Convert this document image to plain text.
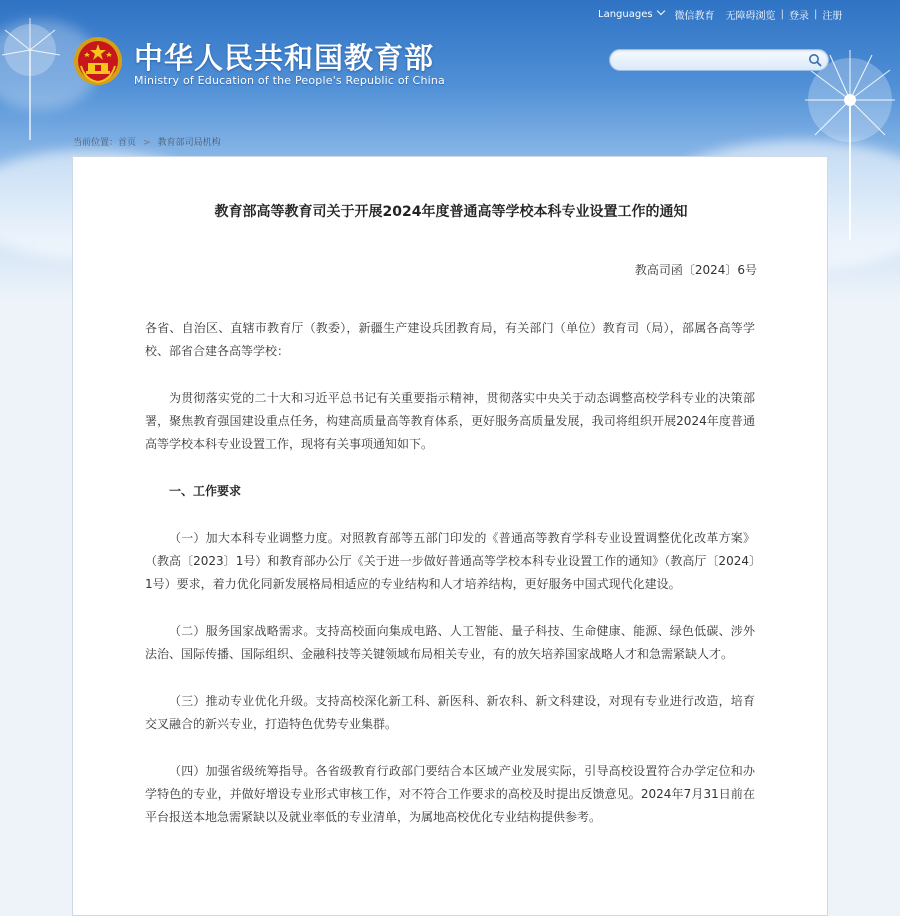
Languages	微信教育 无障碍浏览 | 登录 | 注册
中华人民共和国教育部
Ministry of Education of the People's Republic of China
当前位置：首页 > 教育部司局机构
教育部高等教育司关于开展2024年度普通高等学校本科专业设置工作的通知
教高司函〔2024〕6号

各省、自治区、直辖市教育厅（教委），新疆生产建设兵团教育局，有关部门（单位）教育司（局），部属各高等学校、部省合建各高等学校：

为贯彻落实党的二十大和习近平总书记有关重要指示精神，贯彻落实中央关于动态调整高校学科专业的决策部署，聚焦教育强国建设重点任务，构建高质量高等教育体系，更好服务高质量发展，我司将组织开展2024年度普通高等学校本科专业设置工作，现将有关事项通知如下。

一、工作要求

（一）加大本科专业调整力度。对照教育部等五部门印发的《普通高等教育学科专业设置调整优化改革方案》（教高〔2023〕1号）和教育部办公厅《关于进一步做好普通高等学校本科专业设置工作的通知》（教高厅〔2024〕1号）要求，着力优化同新发展格局相适应的专业结构和人才培养结构，更好服务中国式现代化建设。

（二）服务国家战略需求。支持高校面向集成电路、人工智能、量子科技、生命健康、能源、绿色低碳、涉外法治、国际传播、国际组织、金融科技等关键领域布局相关专业，有的放矢培养国家战略人才和急需紧缺人才。

（三）推动专业优化升级。支持高校深化新工科、新医科、新农科、新文科建设，对现有专业进行改造，培育交叉融合的新兴专业，打造特色优势专业集群。

（四）加强省级统筹指导。各省级教育行政部门要结合本区域产业发展实际，引导高校设置符合办学定位和办学特色的专业，并做好增设专业形式审核工作，对不符合工作要求的高校及时提出反馈意见。2024年7月31日前在平台报送本地急需紧缺以及就业率低的专业清单，为属地高校优化专业结构提供参考。
